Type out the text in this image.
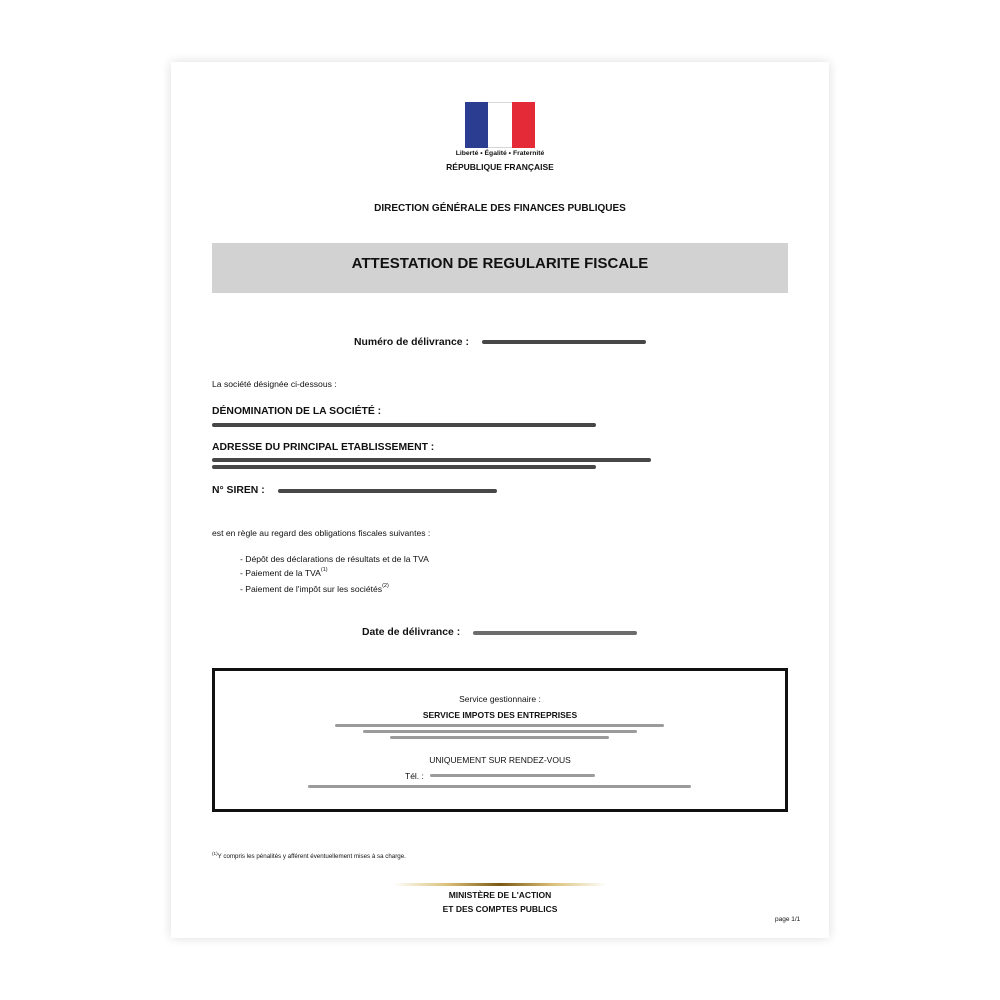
Liberté • Égalité • Fraternité
RÉPUBLIQUE FRANÇAISE
DIRECTION GÉNÉRALE DES FINANCES PUBLIQUES
ATTESTATION DE REGULARITE FISCALE
Numéro de délivrance :
La société désignée ci-dessous :
DÉNOMINATION DE LA SOCIÉTÉ :
ADRESSE DU PRINCIPAL ETABLISSEMENT :
N° SIREN :
est en règle au regard des obligations fiscales suivantes :
- Dépôt des déclarations de résultats et de la TVA
- Paiement de la TVA$^{(1)}$
- Paiement de l'impôt sur les sociétés$^{(2)}$
Date de délivrance :
Service gestionnaire :
SERVICE IMPOTS DES ENTREPRISES
UNIQUEMENT SUR RENDEZ-VOUS
Tél. :
$^{(1)}$Y compris les pénalités y afférent éventuellement mises à sa charge.
MINISTÈRE DE L'ACTION
ET DES COMPTES PUBLICS
page 1/1
